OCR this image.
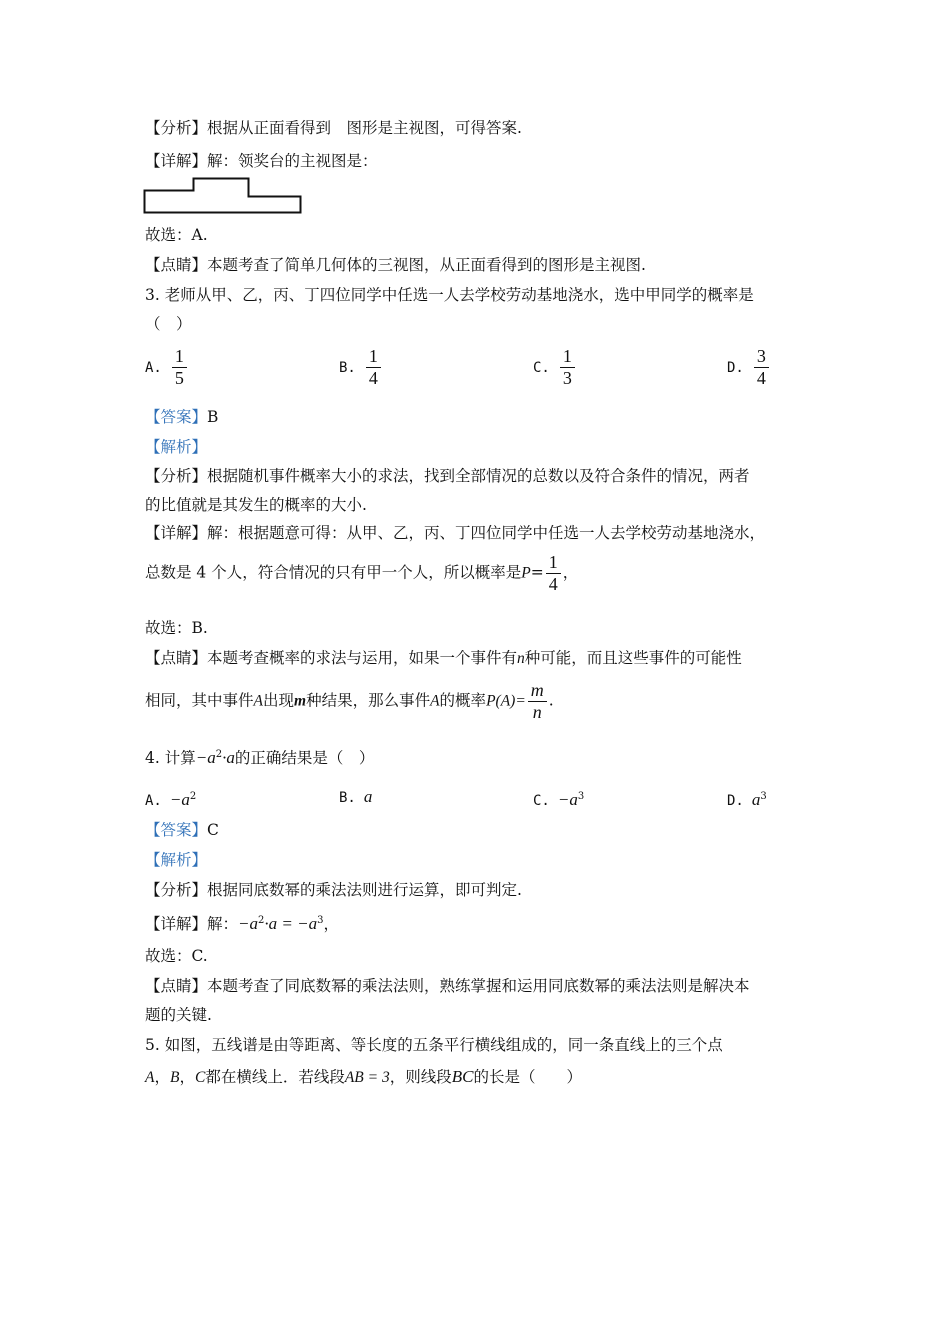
【分析】根据从正面看得到　图形是主视图，可得答案.
【详解】解：领奖台的主视图是：
故选：A.
【点睛】本题考查了简单几何体的三视图，从正面看得到的图形是主视图.
3. 老师从甲、乙，丙、丁四位同学中任选一人去学校劳动基地浇水，选中甲同学的概率是
（　）
A. $\frac{1}{5}$	B. $\frac{1}{4}$	C. $\frac{1}{3}$	D. $\frac{3}{4}$
【答案】B
【解析】
【分析】根据随机事件概率大小的求法，找到全部情况的总数以及符合条件的情况，两者
的比值就是其发生的概率的大小.
【详解】解：根据题意可得：从甲、乙，丙、丁四位同学中任选一人去学校劳动基地浇水，
总数是 4 个人，符合情况的只有甲一个人，所以概率是$P= \frac{1}{4}$ ，
故选：B.
【点睛】本题考查概率的求法与运用，如果一个事件有n种可能，而且这些事件的可能性
相同，其中事件A出现m种结果，那么事件A的概率$P(A)= \frac{m}{n}$ .
4. 计算$-a^2\cdot a$的正确结果是（　）
A. $-a^2$	B. a	C. $-a^3$	D. $a^3$
【答案】C
【解析】
【分析】根据同底数幂的乘法法则进行运算，即可判定.
【详解】解：$-a^2\cdot a = -a^3$，
故选：C.
【点睛】本题考查了同底数幂的乘法法则，熟练掌握和运用同底数幂的乘法法则是解决本
题的关键.
5. 如图，五线谱是由等距离、等长度的五条平行横线组成的，同一条直线上的三个点
A，B，C都在横线上．若线段AB = 3，则线段BC的长是（　　）
